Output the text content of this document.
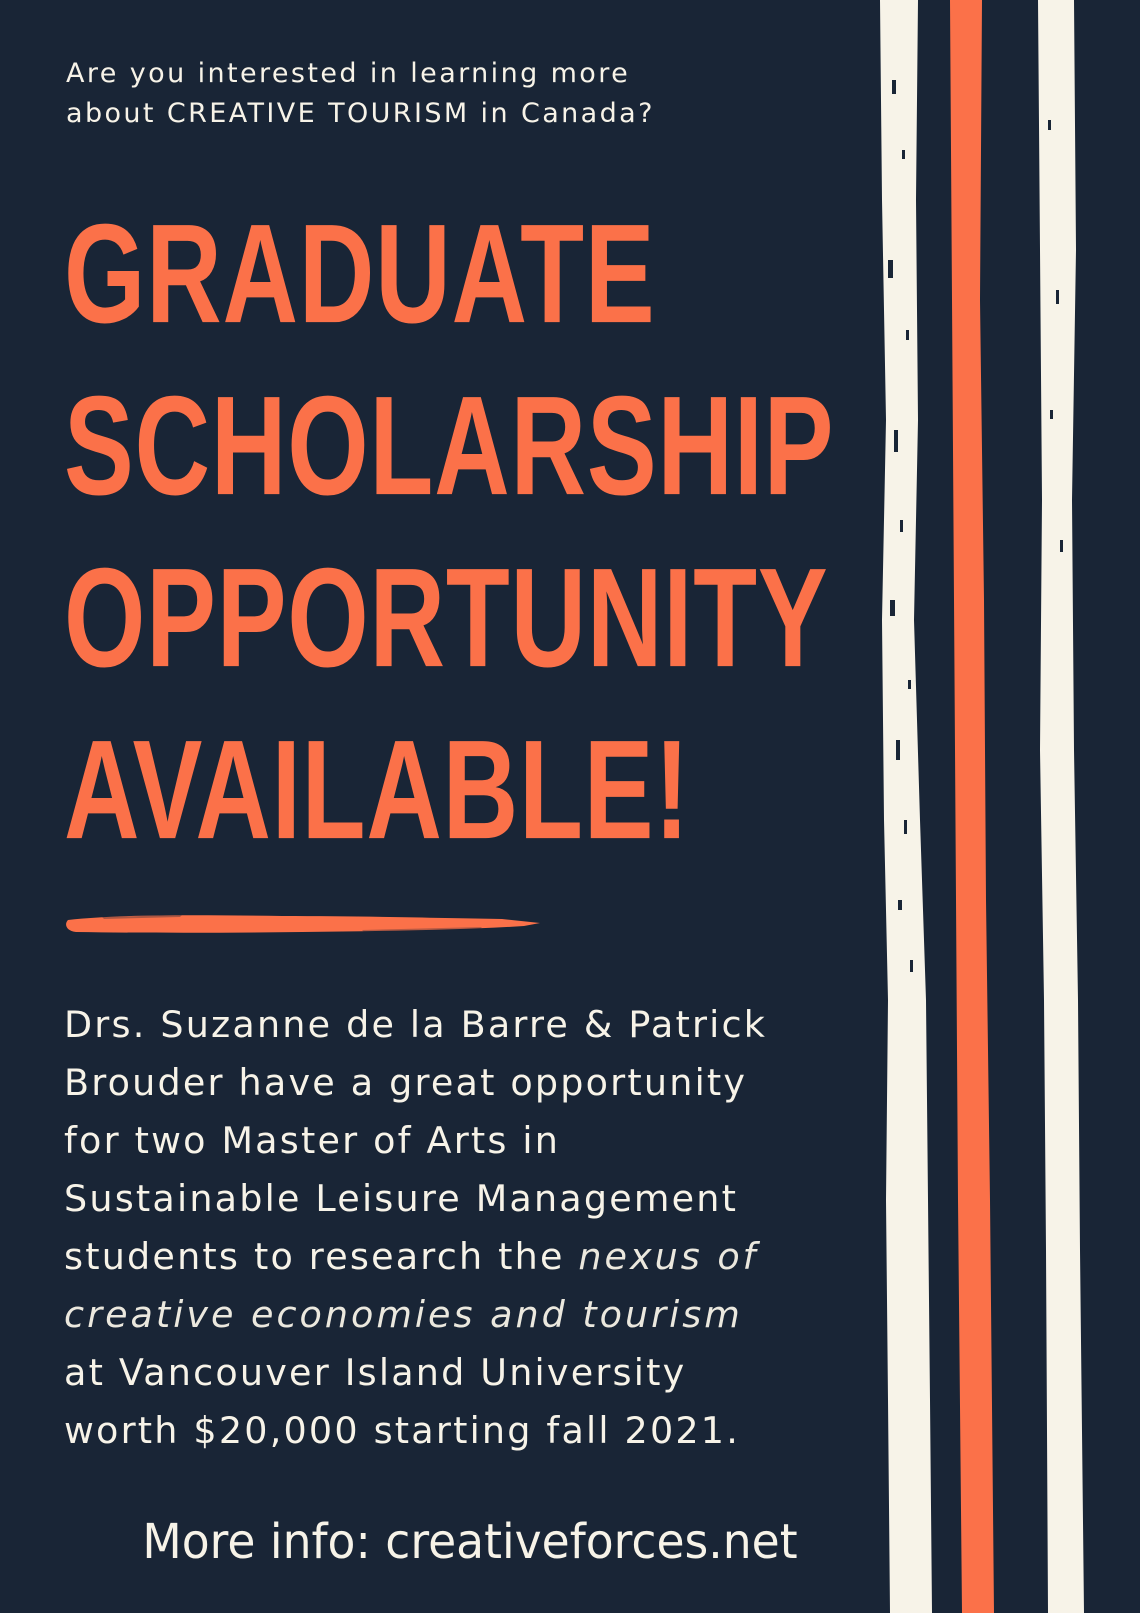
Are you interested in learning more
about CREATIVE TOURISM in Canada?

GRADUATE
SCHOLARSHIP
OPPORTUNITY
AVAILABLE!

Drs. Suzanne de la Barre & Patrick
Brouder have a great opportunity
for two Master of Arts in
Sustainable Leisure Management
students to research the nexus of
creative economies and tourism
at Vancouver Island University
worth $20,000 starting fall 2021.

More info: creativeforces.net
